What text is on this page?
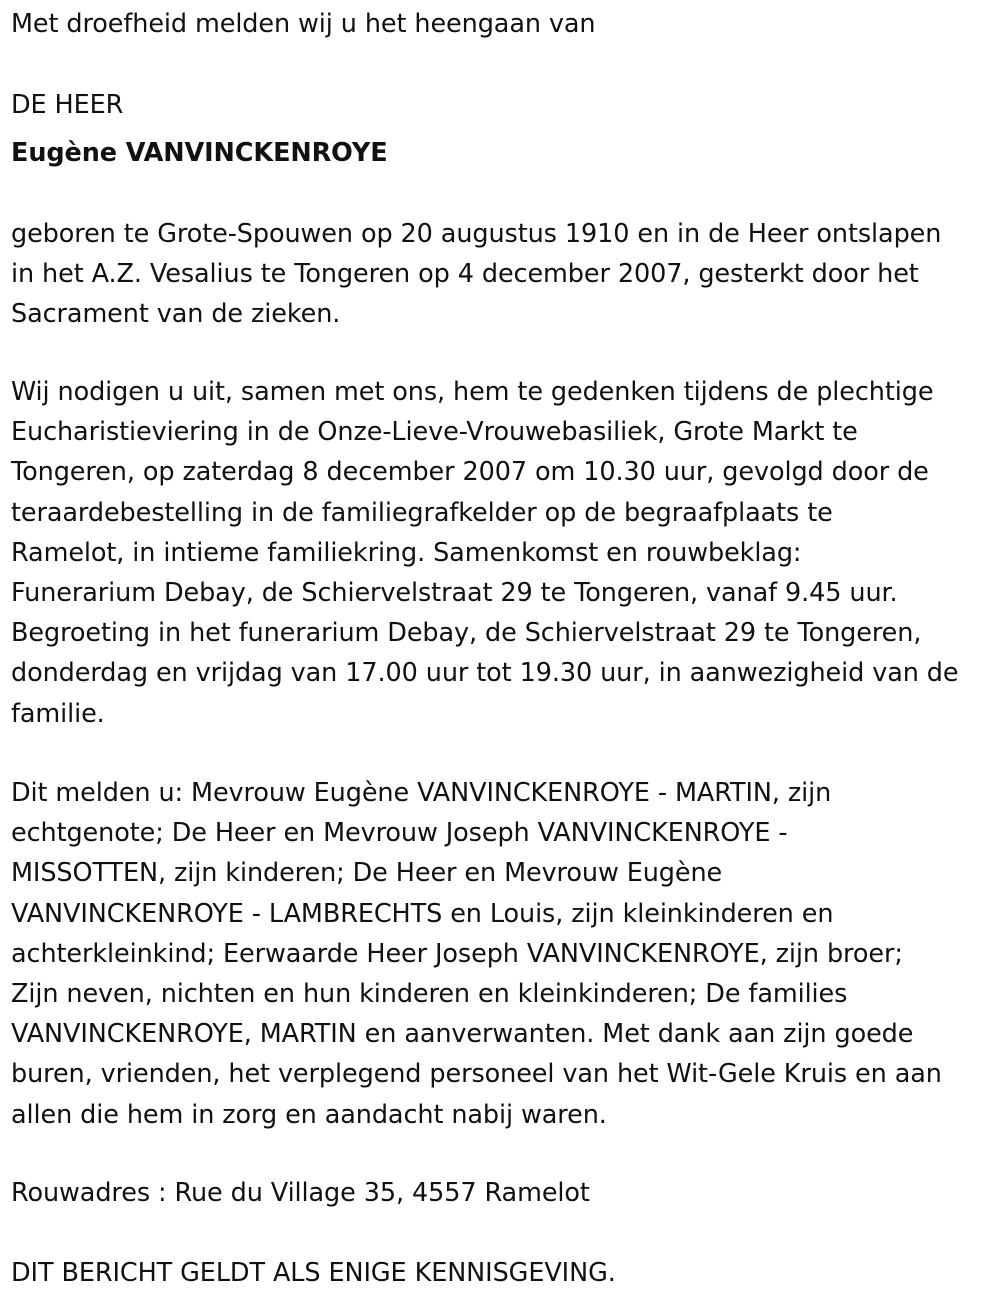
Met droefheid melden wij u het heengaan van
DE HEER
Eugène VANVINCKENROYE
geboren te Grote-Spouwen op 20 augustus 1910 en in de Heer ontslapen
in het A.Z. Vesalius te Tongeren op 4 december 2007, gesterkt door het
Sacrament van de zieken.
Wij nodigen u uit, samen met ons, hem te gedenken tijdens de plechtige
Eucharistieviering in de Onze-Lieve-Vrouwebasiliek, Grote Markt te
Tongeren, op zaterdag 8 december 2007 om 10.30 uur, gevolgd door de
teraardebestelling in de familiegrafkelder op de begraafplaats te
Ramelot, in intieme familiekring. Samenkomst en rouwbeklag:
Funerarium Debay, de Schiervelstraat 29 te Tongeren, vanaf 9.45 uur.
Begroeting in het funerarium Debay, de Schiervelstraat 29 te Tongeren,
donderdag en vrijdag van 17.00 uur tot 19.30 uur, in aanwezigheid van de
familie.
Dit melden u: Mevrouw Eugène VANVINCKENROYE - MARTIN, zijn
echtgenote; De Heer en Mevrouw Joseph VANVINCKENROYE -
MISSOTTEN, zijn kinderen; De Heer en Mevrouw Eugène
VANVINCKENROYE - LAMBRECHTS en Louis, zijn kleinkinderen en
achterkleinkind; Eerwaarde Heer Joseph VANVINCKENROYE, zijn broer;
Zijn neven, nichten en hun kinderen en kleinkinderen; De families
VANVINCKENROYE, MARTIN en aanverwanten. Met dank aan zijn goede
buren, vrienden, het verplegend personeel van het Wit-Gele Kruis en aan
allen die hem in zorg en aandacht nabij waren.
Rouwadres : Rue du Village 35, 4557 Ramelot
DIT BERICHT GELDT ALS ENIGE KENNISGEVING.
